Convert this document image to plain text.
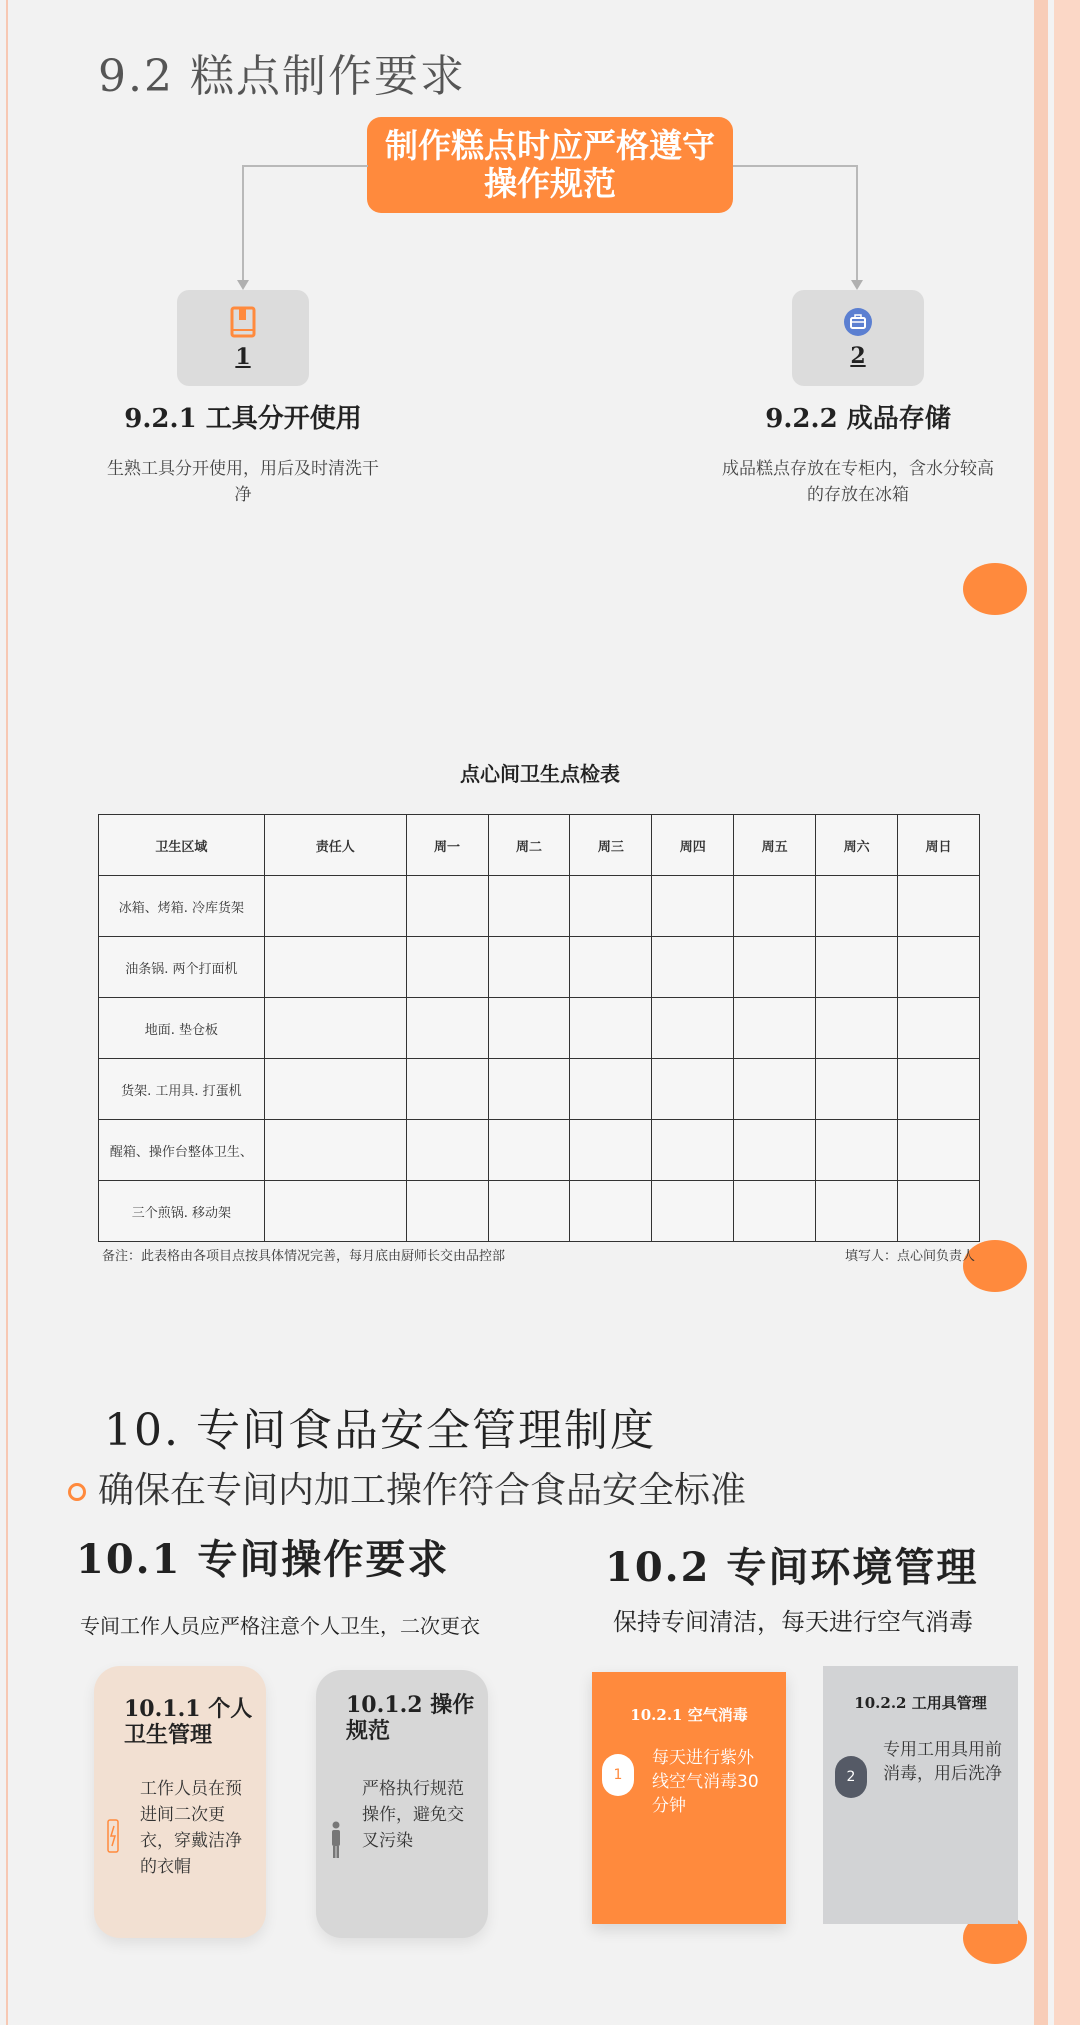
9.2 糕点制作要求
制作糕点时应严格遵守操作规范
1	2
9.2.1 工具分开使用	9.2.2 成品存储
生熟工具分开使用，用后及时清洗干净
成品糕点存放在专柜内，含水分较高的存放在冰箱
点心间卫生点检表
卫生区域	责任人	周一	周二	周三	周四	周五	周六	周日
冰箱、烤箱. 冷库货架								
油条锅. 两个打面机								
地面. 垫仓板								
货架. 工用具. 打蛋机								
醒箱、操作台整体卫生、								
三个煎锅. 移动架								
备注：此表格由各项目点按具体情况完善，每月底由厨师长交由品控部	填写人：点心间负责人
10. 专间食品安全管理制度
确保在专间内加工操作符合食品安全标准
10.1 专间操作要求	10.2 专间环境管理
专间工作人员应严格注意个人卫生，二次更衣	保持专间清洁，每天进行空气消毒
10.1.1 个人卫生管理
工作人员在预进间二次更衣，穿戴洁净的衣帽
10.1.2 操作规范
严格执行规范操作，避免交叉污染
10.2.1 空气消毒
1
每天进行紫外线空气消毒30分钟
10.2.2 工用具管理
2
专用工用具用前消毒，用后洗净
